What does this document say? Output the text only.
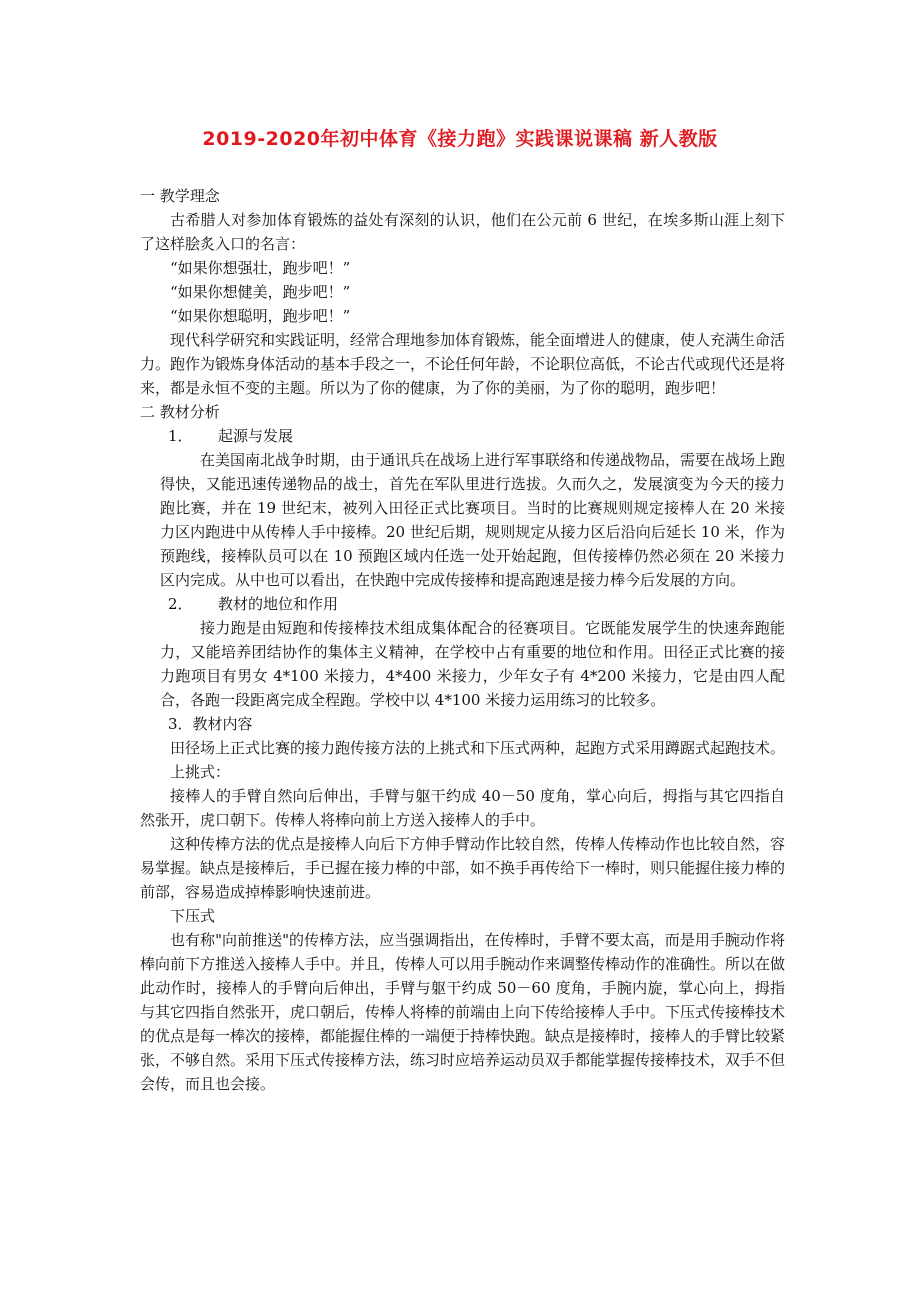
2019-2020年初中体育《接力跑》实践课说课稿 新人教版

一 教学理念

古希腊人对参加体育锻炼的益处有深刻的认识，他们在公元前 6 世纪，在埃多斯山涯上刻下了这样脍炙入口的名言：

“如果你想强壮，跑步吧！”

“如果你想健美，跑步吧！”

“如果你想聪明，跑步吧！”

现代科学研究和实践证明，经常合理地参加体育锻炼，能全面增进人的健康，使人充满生命活力。跑作为锻炼身体活动的基本手段之一，不论任何年龄，不论职位高低，不论古代或现代还是将来，都是永恒不变的主题。所以为了你的健康，为了你的美丽，为了你的聪明，跑步吧！

二 教材分析

1． 起源与发展

在美国南北战争时期，由于通讯兵在战场上进行军事联络和传递战物品，需要在战场上跑得快，又能迅速传递物品的战士，首先在军队里进行选拔。久而久之，发展演变为今天的接力跑比赛，并在 19 世纪末，被列入田径正式比赛项目。当时的比赛规则规定接棒人在 20 米接力区内跑进中从传棒人手中接棒。20 世纪后期，规则规定从接力区后沿向后延长 10 米，作为预跑线，接棒队员可以在 10 预跑区域内任选一处开始起跑，但传接棒仍然必须在 20 米接力区内完成。从中也可以看出，在快跑中完成传接棒和提高跑速是接力棒今后发展的方向。

2． 教材的地位和作用

接力跑是由短跑和传接棒技术组成集体配合的径赛项目。它既能发展学生的快速奔跑能力，又能培养团结协作的集体主义精神，在学校中占有重要的地位和作用。田径正式比赛的接力跑项目有男女 4*100 米接力，4*400 米接力，少年女子有 4*200 米接力，它是由四人配合，各跑一段距离完成全程跑。学校中以 4*100 米接力运用练习的比较多。

3．教材内容

田径场上正式比赛的接力跑传接方法的上挑式和下压式两种，起跑方式采用蹲踞式起跑技术。

上挑式：

接棒人的手臂自然向后伸出，手臂与躯干约成 40－50 度角，掌心向后，拇指与其它四指自然张开，虎口朝下。传棒人将棒向前上方送入接棒人的手中。

这种传棒方法的优点是接棒人向后下方伸手臂动作比较自然，传棒人传棒动作也比较自然，容易掌握。缺点是接棒后，手已握在接力棒的中部，如不换手再传给下一棒时，则只能握住接力棒的前部，容易造成掉棒影响快速前进。

下压式

也有称"向前推送"的传棒方法，应当强调指出，在传棒时，手臂不要太高，而是用手腕动作将棒向前下方推送入接棒人手中。并且，传棒人可以用手腕动作来调整传棒动作的准确性。所以在做此动作时，接棒人的手臂向后伸出，手臂与躯干约成 50－60 度角，手腕内旋，掌心向上，拇指与其它四指自然张开，虎口朝后，传棒人将棒的前端由上向下传给接棒人手中。下压式传接棒技术的优点是每一棒次的接棒，都能握住棒的一端便于持棒快跑。缺点是接棒时，接棒人的手臂比较紧张，不够自然。采用下压式传接棒方法，练习时应培养运动员双手都能掌握传接棒技术，双手不但会传，而且也会接。
